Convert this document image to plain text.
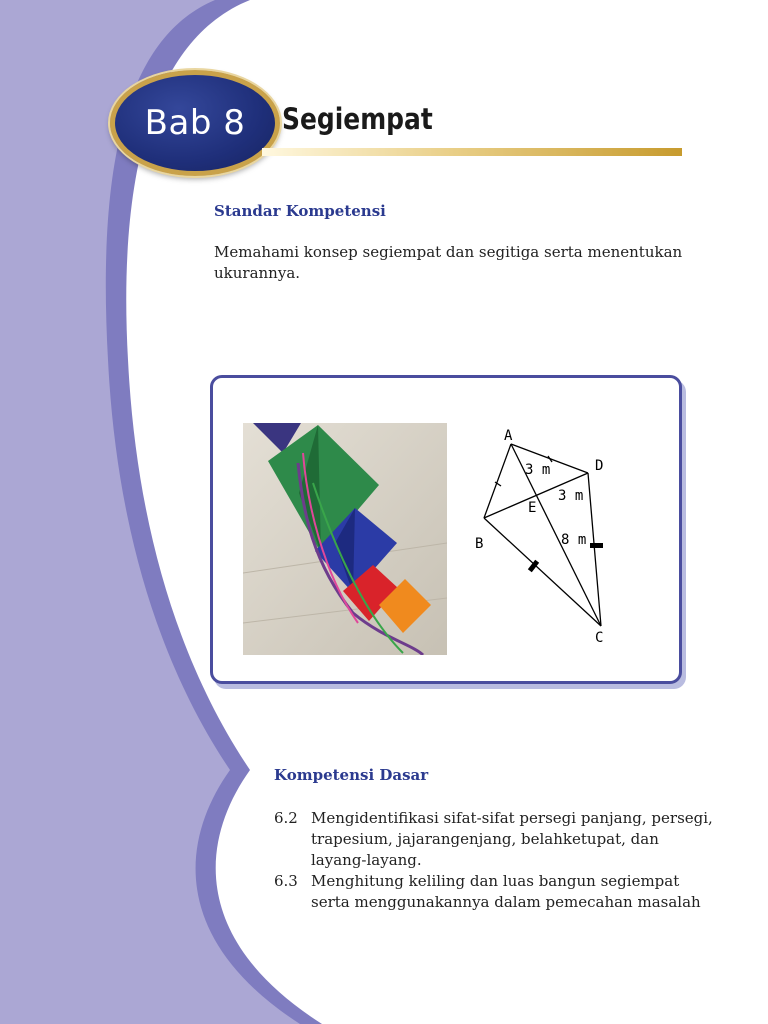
Bab 8 Segiempat
Standar Kompetensi
Memahami konsep segiempat dan segitiga serta menentukan ukurannya.
A
D
B
C
E
3 m
3 m
8 m
Kompetensi Dasar
6.2 Mengidentifikasi sifat-sifat persegi panjang, persegi, trapesium, jajarangenjang, belahketupat, dan layang-layang.
6.3 Menghitung keliling dan luas bangun segiempat serta menggunakannya dalam pemecahan masalah
